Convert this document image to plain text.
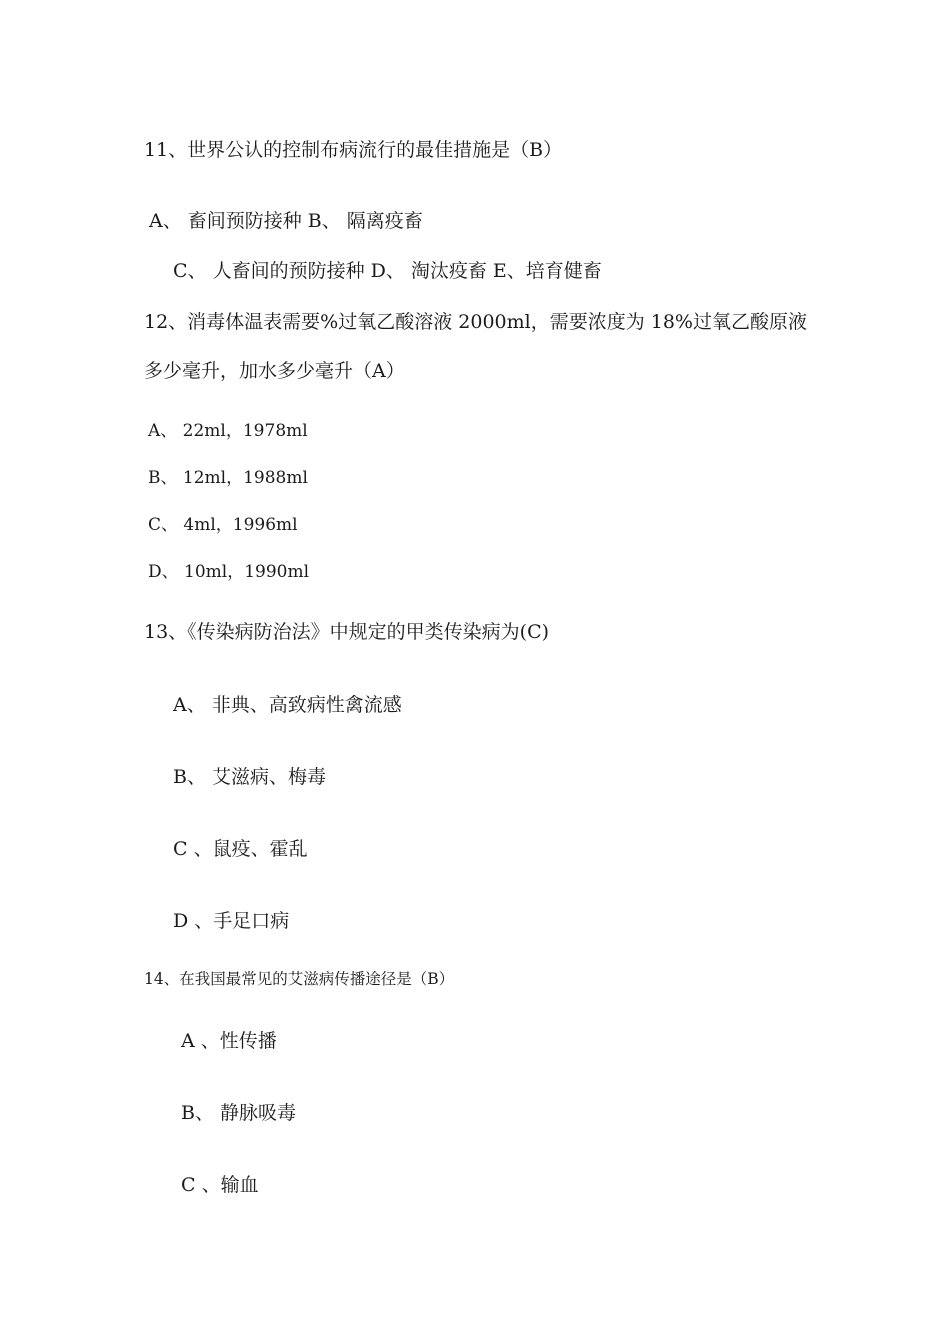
11、世界公认的控制布病流行的最佳措施是（B）
A、 畜间预防接种 B、 隔离疫畜
C、 人畜间的预防接种 D、 淘汰疫畜 E、培育健畜
12、消毒体温表需要%过氧乙酸溶液 2000ml，需要浓度为 18%过氧乙酸原液
多少毫升，加水多少毫升（A）
A、 22ml，1978ml
B、 12ml，1988ml
C、 4ml，1996ml
D、 10ml，1990ml
13、《传染病防治法》中规定的甲类传染病为(C)
A、 非典、高致病性禽流感
B、 艾滋病、梅毒
C 、鼠疫、霍乱
D 、手足口病
14、在我国最常见的艾滋病传播途径是（B）
A 、性传播
B、 静脉吸毒
C 、输血
